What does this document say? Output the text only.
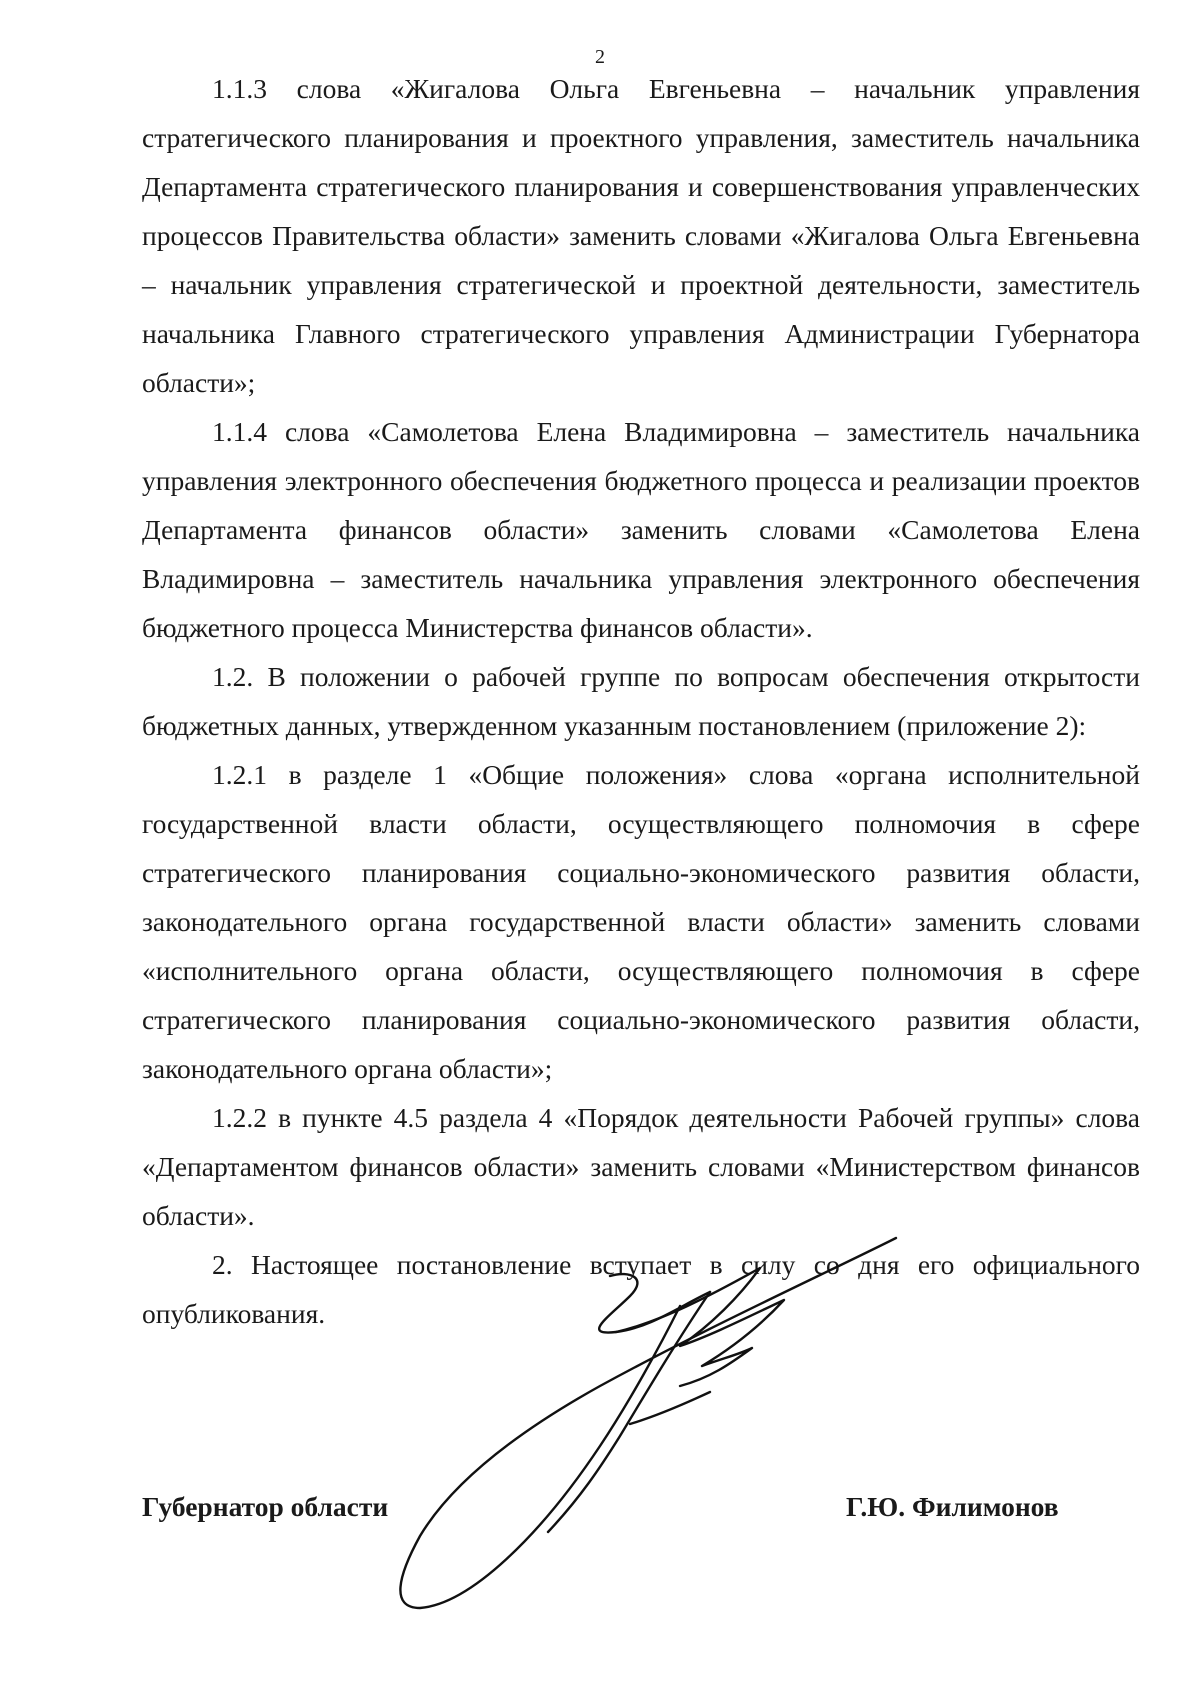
2

1.1.3 слова «Жигалова Ольга Евгеньевна – начальник управления стратегического планирования и проектного управления, заместитель начальника Департамента стратегического планирования и совершенствования управленческих процессов Правительства области» заменить словами «Жигалова Ольга Евгеньевна – начальник управления стратегической и проектной деятельности, заместитель начальника Главного стратегического управления Администрации Губернатора области»;

1.1.4 слова «Самолетова Елена Владимировна – заместитель начальника управления электронного обеспечения бюджетного процесса и реализации проектов Департамента финансов области» заменить словами «Самолетова Елена Владимировна – заместитель начальника управления электронного обеспечения бюджетного процесса Министерства финансов области».

1.2. В положении о рабочей группе по вопросам обеспечения открытости бюджетных данных, утвержденном указанным постановлением (приложение 2):

1.2.1 в разделе 1 «Общие положения» слова «органа исполнительной государственной власти области, осуществляющего полномочия в сфере стратегического планирования социально-экономического развития области, законодательного органа государственной власти области» заменить словами «исполнительного органа области, осуществляющего полномочия в сфере стратегического планирования социально-экономического развития области, законодательного органа области»;

1.2.2 в пункте 4.5 раздела 4 «Порядок деятельности Рабочей группы» слова «Департаментом финансов области» заменить словами «Министерством финансов области».

2. Настоящее постановление вступает в силу со дня его официального опубликования.

Губернатор области	Г.Ю. Филимонов
